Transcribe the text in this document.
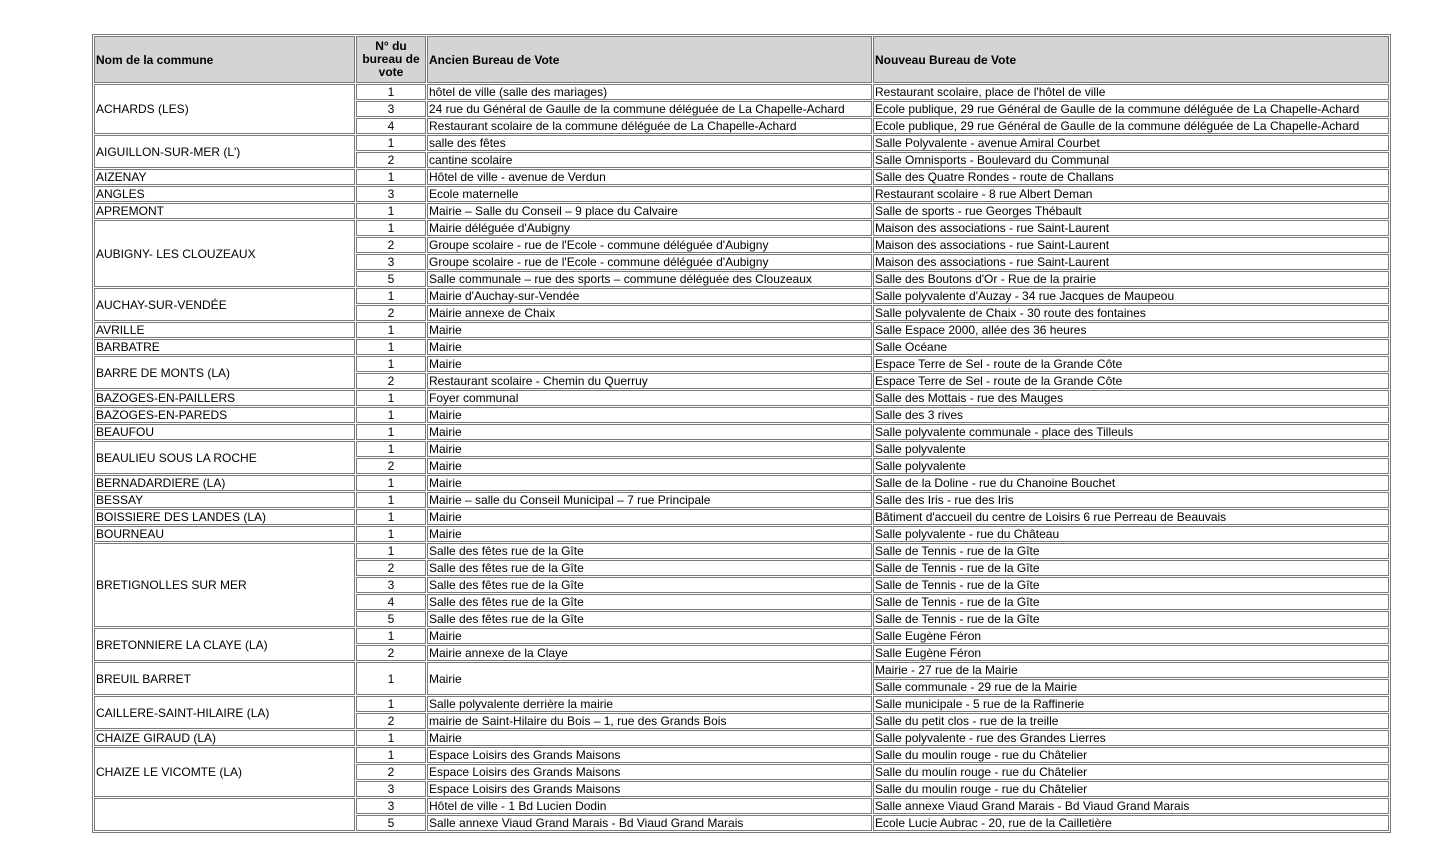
Nom de la commune	N° du bureau de vote	Ancien Bureau de Vote	Nouveau Bureau de Vote
ACHARDS (LES)	1	hôtel de ville (salle des mariages)	Restaurant scolaire, place de l'hôtel de ville
	3	24 rue du Général de Gaulle de la commune déléguée de La Chapelle-Achard	Ecole publique, 29 rue Général de Gaulle de la commune déléguée de La Chapelle-Achard
	4	Restaurant scolaire de la commune déléguée de La Chapelle-Achard	Ecole publique, 29 rue Général de Gaulle de la commune déléguée de La Chapelle-Achard
AIGUILLON-SUR-MER (L')	1	salle des fêtes	Salle Polyvalente - avenue Amiral Courbet
	2	cantine scolaire	Salle Omnisports - Boulevard du Communal
AIZENAY	1	Hôtel de ville - avenue de Verdun	Salle des Quatre Rondes - route de Challans
ANGLES	3	Ecole maternelle	Restaurant scolaire - 8 rue Albert Deman
APREMONT	1	Mairie – Salle du Conseil – 9 place du Calvaire	Salle de sports - rue Georges Thébault
AUBIGNY- LES CLOUZEAUX	1	Mairie déléguée d'Aubigny	Maison des associations - rue Saint-Laurent
	2	Groupe scolaire - rue de l'Ecole - commune déléguée d'Aubigny	Maison des associations - rue Saint-Laurent
	3	Groupe scolaire - rue de l'Ecole - commune déléguée d'Aubigny	Maison des associations - rue Saint-Laurent
	5	Salle communale – rue des sports – commune déléguée des Clouzeaux	Salle des Boutons d'Or - Rue de la prairie
AUCHAY-SUR-VENDÉE	1	Mairie d'Auchay-sur-Vendée	Salle polyvalente d'Auzay - 34 rue Jacques de Maupeou
	2	Mairie annexe de Chaix	Salle polyvalente de Chaix - 30 route des fontaines
AVRILLE	1	Mairie	Salle Espace 2000, allée des 36 heures
BARBATRE	1	Mairie	Salle Océane
BARRE DE MONTS (LA)	1	Mairie	Espace Terre de Sel - route de la Grande Côte
	2	Restaurant scolaire - Chemin du Querruy	Espace Terre de Sel - route de la Grande Côte
BAZOGES-EN-PAILLERS	1	Foyer communal	Salle des Mottais - rue des Mauges
BAZOGES-EN-PAREDS	1	Mairie	Salle des 3 rives
BEAUFOU	1	Mairie	Salle polyvalente communale - place des Tilleuls
BEAULIEU SOUS LA ROCHE	1	Mairie	Salle polyvalente
	2	Mairie	Salle polyvalente
BERNADARDIERE (LA)	1	Mairie	Salle de la Doline - rue du Chanoine Bouchet
BESSAY	1	Mairie – salle du Conseil Municipal – 7 rue Principale	Salle des Iris - rue des Iris
BOISSIERE DES LANDES (LA)	1	Mairie	Bâtiment d'accueil du centre de Loisirs 6 rue Perreau de Beauvais
BOURNEAU	1	Mairie	Salle polyvalente - rue du Château
BRETIGNOLLES SUR MER	1	Salle des fêtes rue de la Gîte	Salle de Tennis - rue de la Gîte
	2	Salle des fêtes rue de la Gîte	Salle de Tennis - rue de la Gîte
	3	Salle des fêtes rue de la Gîte	Salle de Tennis - rue de la Gîte
	4	Salle des fêtes rue de la Gîte	Salle de Tennis - rue de la Gîte
	5	Salle des fêtes rue de la Gîte	Salle de Tennis - rue de la Gîte
BRETONNIERE LA CLAYE (LA)	1	Mairie	Salle Eugène Féron
	2	Mairie annexe de la Claye	Salle Eugène Féron
BREUIL BARRET	1	Mairie	Mairie - 27 rue de la Mairie
			Salle communale - 29 rue de la Mairie
CAILLERE-SAINT-HILAIRE (LA)	1	Salle polyvalente derrière la mairie	Salle municipale - 5 rue de la Raffinerie
	2	mairie de Saint-Hilaire du Bois – 1, rue des Grands Bois	Salle du petit clos - rue de la treille
CHAIZE GIRAUD (LA)	1	Mairie	Salle polyvalente - rue des Grandes Lierres
CHAIZE LE VICOMTE (LA)	1	Espace Loisirs des Grands Maisons	Salle du moulin rouge - rue du Châtelier
	2	Espace Loisirs des Grands Maisons	Salle du moulin rouge - rue du Châtelier
	3	Espace Loisirs des Grands Maisons	Salle du moulin rouge - rue du Châtelier
	3	Hôtel de ville - 1 Bd Lucien Dodin	Salle annexe Viaud Grand Marais - Bd Viaud Grand Marais
	5	Salle annexe Viaud Grand Marais - Bd Viaud Grand Marais	Ecole Lucie Aubrac - 20, rue de la Cailletière
